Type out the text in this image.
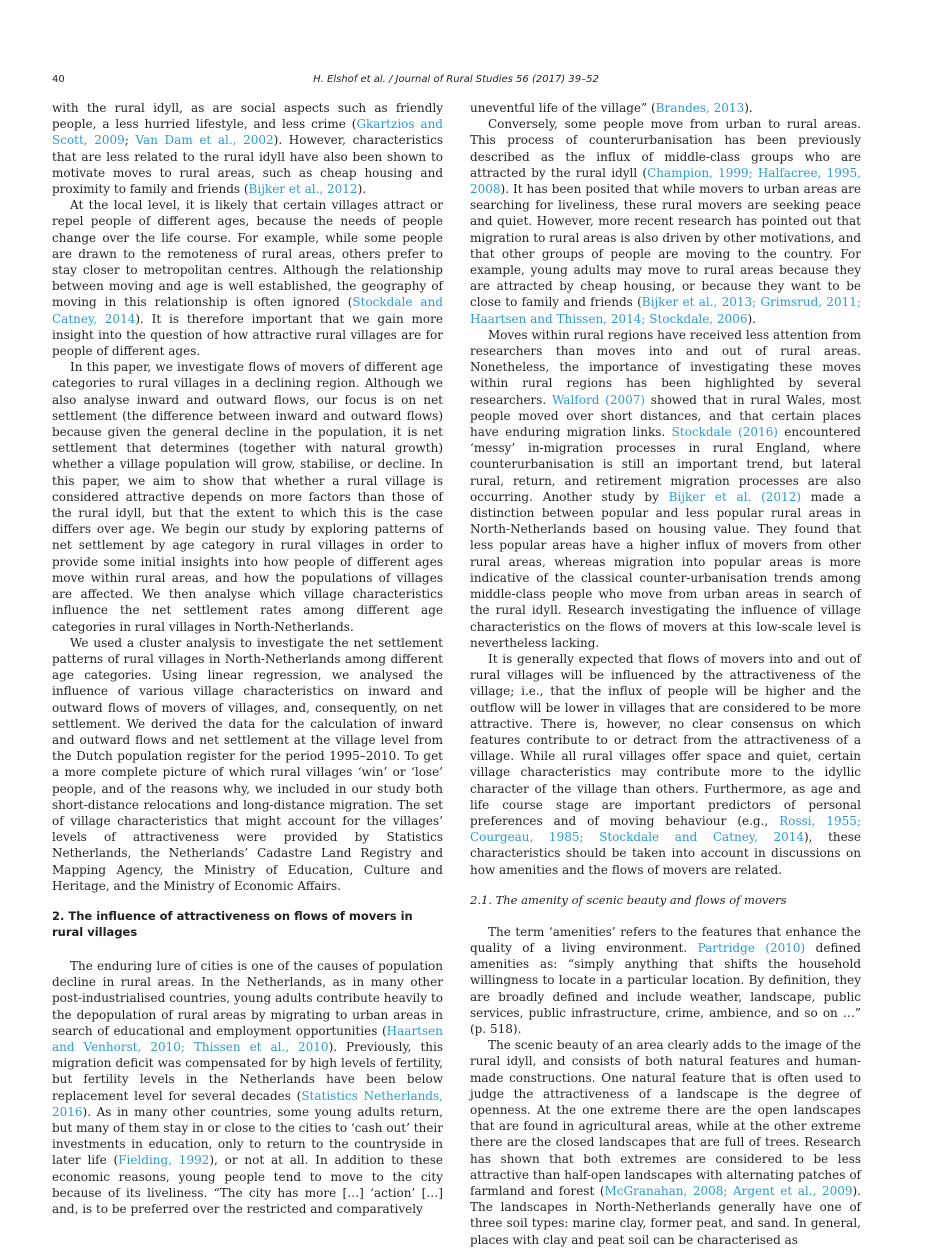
40	H. Elshof et al. / Journal of Rural Studies 56 (2017) 39–52

with the rural idyll, as are social aspects such as friendly people, a less hurried lifestyle, and less crime (Gkartzios and Scott, 2009; Van Dam et al., 2002). However, characteristics that are less related to the rural idyll have also been shown to motivate moves to rural areas, such as cheap housing and proximity to family and friends (Bijker et al., 2012).

At the local level, it is likely that certain villages attract or repel people of different ages, because the needs of people change over the life course. For example, while some people are drawn to the remoteness of rural areas, others prefer to stay closer to metropolitan centres. Although the relationship between moving and age is well established, the geography of moving in this relationship is often ignored (Stockdale and Catney, 2014). It is therefore important that we gain more insight into the question of how attractive rural villages are for people of different ages.

In this paper, we investigate flows of movers of different age categories to rural villages in a declining region. Although we also analyse inward and outward flows, our focus is on net settlement (the difference between inward and outward flows) because given the general decline in the population, it is net settlement that determines (together with natural growth) whether a village population will grow, stabilise, or decline. In this paper, we aim to show that whether a rural village is considered attractive depends on more factors than those of the rural idyll, but that the extent to which this is the case differs over age. We begin our study by exploring patterns of net settlement by age category in rural villages in order to provide some initial insights into how people of different ages move within rural areas, and how the populations of villages are affected. We then analyse which village characteristics influence the net settlement rates among different age categories in rural villages in North-Netherlands.

We used a cluster analysis to investigate the net settlement patterns of rural villages in North-Netherlands among different age categories. Using linear regression, we analysed the influence of various village characteristics on inward and outward flows of movers of villages, and, consequently, on net settlement. We derived the data for the calculation of inward and outward flows and net settlement at the village level from the Dutch population register for the period 1995–2010. To get a more complete picture of which rural villages ‘win’ or ‘lose’ people, and of the reasons why, we included in our study both short-distance relocations and long-distance migration. The set of village characteristics that might account for the villages’ levels of attractiveness were provided by Statistics Netherlands, the Netherlands’ Cadastre Land Registry and Mapping Agency, the Ministry of Education, Culture and Heritage, and the Ministry of Economic Affairs.

2. The influence of attractiveness on flows of movers in rural villages

The enduring lure of cities is one of the causes of population decline in rural areas. In the Netherlands, as in many other post-industrialised countries, young adults contribute heavily to the depopulation of rural areas by migrating to urban areas in search of educational and employment opportunities (Haartsen and Venhorst, 2010; Thissen et al., 2010). Previously, this migration deficit was compensated for by high levels of fertility, but fertility levels in the Netherlands have been below replacement level for several decades (Statistics Netherlands, 2016). As in many other countries, some young adults return, but many of them stay in or close to the cities to ‘cash out’ their investments in education, only to return to the countryside in later life (Fielding, 1992), or not at all. In addition to these economic reasons, young people tend to move to the city because of its liveliness. “The city has more […] ‘action’ […] and, is to be preferred over the restricted and comparatively

uneventful life of the village” (Brandes, 2013).

Conversely, some people move from urban to rural areas. This process of counterurbanisation has been previously described as the influx of middle-class groups who are attracted by the rural idyll (Champion, 1999; Halfacree, 1995, 2008). It has been posited that while movers to urban areas are searching for liveliness, these rural movers are seeking peace and quiet. However, more recent research has pointed out that migration to rural areas is also driven by other motivations, and that other groups of people are moving to the country. For example, young adults may move to rural areas because they are attracted by cheap housing, or because they want to be close to family and friends (Bijker et al., 2013; Grimsrud, 2011; Haartsen and Thissen, 2014; Stockdale, 2006).

Moves within rural regions have received less attention from researchers than moves into and out of rural areas. Nonetheless, the importance of investigating these moves within rural regions has been highlighted by several researchers. Walford (2007) showed that in rural Wales, most people moved over short distances, and that certain places have enduring migration links. Stockdale (2016) encountered ‘messy’ in-migration processes in rural England, where counterurbanisation is still an important trend, but lateral rural, return, and retirement migration processes are also occurring. Another study by Bijker et al. (2012) made a distinction between popular and less popular rural areas in North-Netherlands based on housing value. They found that less popular areas have a higher influx of movers from other rural areas, whereas migration into popular areas is more indicative of the classical counter-urbanisation trends among middle-class people who move from urban areas in search of the rural idyll. Research investigating the influence of village characteristics on the flows of movers at this low-scale level is nevertheless lacking.

It is generally expected that flows of movers into and out of rural villages will be influenced by the attractiveness of the village; i.e., that the influx of people will be higher and the outflow will be lower in villages that are considered to be more attractive. There is, however, no clear consensus on which features contribute to or detract from the attractiveness of a village. While all rural villages offer space and quiet, certain village characteristics may contribute more to the idyllic character of the village than others. Furthermore, as age and life course stage are important predictors of personal preferences and of moving behaviour (e.g., Rossi, 1955; Courgeau, 1985; Stockdale and Catney, 2014), these characteristics should be taken into account in discussions on how amenities and the flows of movers are related.

2.1. The amenity of scenic beauty and flows of movers

The term ‘amenities’ refers to the features that enhance the quality of a living environment. Partridge (2010) defined amenities as: “simply anything that shifts the household willingness to locate in a particular location. By definition, they are broadly defined and include weather, landscape, public services, public infrastructure, crime, ambience, and so on …” (p. 518).

The scenic beauty of an area clearly adds to the image of the rural idyll, and consists of both natural features and human-made constructions. One natural feature that is often used to judge the attractiveness of a landscape is the degree of openness. At the one extreme there are the open landscapes that are found in agricultural areas, while at the other extreme there are the closed landscapes that are full of trees. Research has shown that both extremes are considered to be less attractive than half-open landscapes with alternating patches of farmland and forest (McGranahan, 2008; Argent et al., 2009). The landscapes in North-Netherlands generally have one of three soil types: marine clay, former peat, and sand. In general, places with clay and peat soil can be characterised as
